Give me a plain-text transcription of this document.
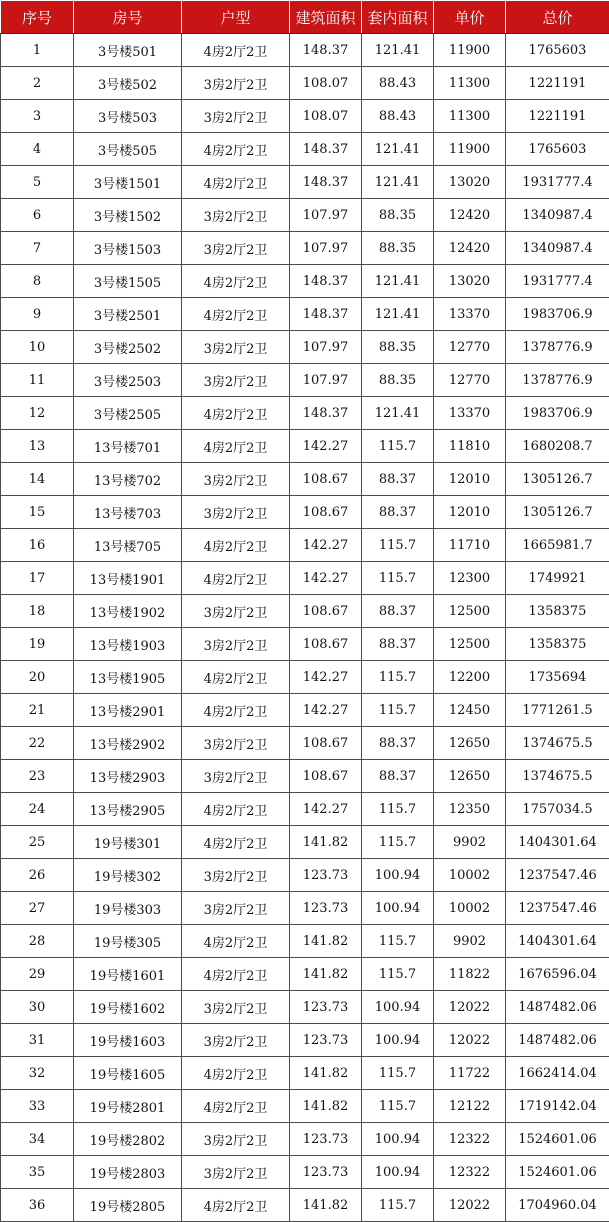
序号	房号	户型	建筑面积	套内面积	单价	总价
1	3号楼501	4房2厅2卫	148.37	121.41	11900	1765603
2	3号楼502	3房2厅2卫	108.07	88.43	11300	1221191
3	3号楼503	3房2厅2卫	108.07	88.43	11300	1221191
4	3号楼505	4房2厅2卫	148.37	121.41	11900	1765603
5	3号楼1501	4房2厅2卫	148.37	121.41	13020	1931777.4
6	3号楼1502	3房2厅2卫	107.97	88.35	12420	1340987.4
7	3号楼1503	3房2厅2卫	107.97	88.35	12420	1340987.4
8	3号楼1505	4房2厅2卫	148.37	121.41	13020	1931777.4
9	3号楼2501	4房2厅2卫	148.37	121.41	13370	1983706.9
10	3号楼2502	3房2厅2卫	107.97	88.35	12770	1378776.9
11	3号楼2503	3房2厅2卫	107.97	88.35	12770	1378776.9
12	3号楼2505	4房2厅2卫	148.37	121.41	13370	1983706.9
13	13号楼701	4房2厅2卫	142.27	115.7	11810	1680208.7
14	13号楼702	3房2厅2卫	108.67	88.37	12010	1305126.7
15	13号楼703	3房2厅2卫	108.67	88.37	12010	1305126.7
16	13号楼705	4房2厅2卫	142.27	115.7	11710	1665981.7
17	13号楼1901	4房2厅2卫	142.27	115.7	12300	1749921
18	13号楼1902	3房2厅2卫	108.67	88.37	12500	1358375
19	13号楼1903	3房2厅2卫	108.67	88.37	12500	1358375
20	13号楼1905	4房2厅2卫	142.27	115.7	12200	1735694
21	13号楼2901	4房2厅2卫	142.27	115.7	12450	1771261.5
22	13号楼2902	3房2厅2卫	108.67	88.37	12650	1374675.5
23	13号楼2903	3房2厅2卫	108.67	88.37	12650	1374675.5
24	13号楼2905	4房2厅2卫	142.27	115.7	12350	1757034.5
25	19号楼301	4房2厅2卫	141.82	115.7	9902	1404301.64
26	19号楼302	3房2厅2卫	123.73	100.94	10002	1237547.46
27	19号楼303	3房2厅2卫	123.73	100.94	10002	1237547.46
28	19号楼305	4房2厅2卫	141.82	115.7	9902	1404301.64
29	19号楼1601	4房2厅2卫	141.82	115.7	11822	1676596.04
30	19号楼1602	3房2厅2卫	123.73	100.94	12022	1487482.06
31	19号楼1603	3房2厅2卫	123.73	100.94	12022	1487482.06
32	19号楼1605	4房2厅2卫	141.82	115.7	11722	1662414.04
33	19号楼2801	4房2厅2卫	141.82	115.7	12122	1719142.04
34	19号楼2802	3房2厅2卫	123.73	100.94	12322	1524601.06
35	19号楼2803	3房2厅2卫	123.73	100.94	12322	1524601.06
36	19号楼2805	4房2厅2卫	141.82	115.7	12022	1704960.04
